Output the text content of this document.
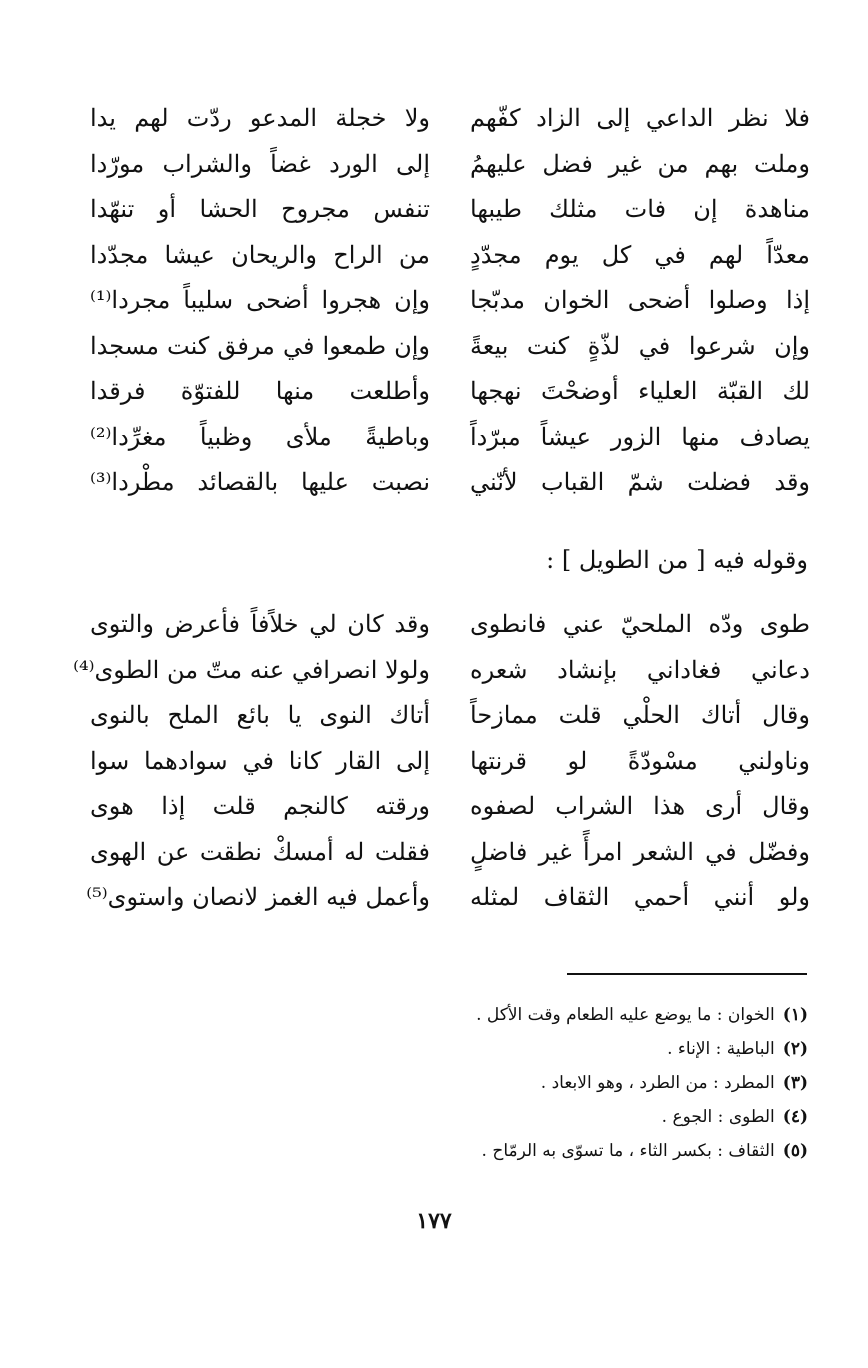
فلا نظر الداعي إلى الزاد كفّهم
ولا خجلة المدعو ردّت لهم يدا
وملت بهم من غير فضل عليهمُ
إلى الورد غضاً والشراب مورّدا
مناهدة إن فات مثلك طيبها
تنفس مجروح الحشا أو تنهّدا
معدّاً لهم في كل يوم مجدّدٍ
من الراح والريحان عيشا مجدّدا
إذا وصلوا أضحى الخوان مدبّجا
وإن هجروا أضحى سليباً مجردا⁽¹⁾
وإن شرعوا في لذّةٍ كنت بيعةً
وإن طمعوا في مرفق كنت مسجدا
لك القبّة العلياء أوضحْتَ نهجها
وأطلعت منها للفتوّة فرقدا
يصادف منها الزور عيشاً مبرّداً
وباطيةً ملأى وظبياً مغرِّدا⁽²⁾
وقد فضلت شمّ القباب لأنّني
نصبت عليها بالقصائد مطْردا⁽³⁾
وقوله فيه [ من الطويل ] :
طوى ودّه الملحيّ عني فانطوى
وقد كان لي خلاًفاً فأعرض والتوى
دعاني فغاداني بإنشاد شعره
ولولا انصرافي عنه متّ من الطوى⁽⁴⁾
وقال أتاك الحلْي قلت ممازحاً
أتاك النوى يا بائع الملح بالنوى
وناولني مسْودّةً لو قرنتها
إلى القار كانا في سوادهما سوا
وقال أرى هذا الشراب لصفوه
ورقته كالنجم قلت إذا هوى
وفضّل في الشعر امرأً غير فاضلٍ
فقلت له أمسكْ نطقت عن الهوى
ولو أنني أحمي الثقاف لمثله
وأعمل فيه الغمز لانصان واستوى⁽⁵⁾
(١)الخوان : ما يوضع عليه الطعام وقت الأكل .
(٢)الباطية : الإناء .
(٣)المطرد : من الطرد ، وهو الابعاد .
(٤)الطوى : الجوع .
(٥)الثقاف : بكسر الثاء ، ما تسوّى به الرمّاح .
١٧٧
